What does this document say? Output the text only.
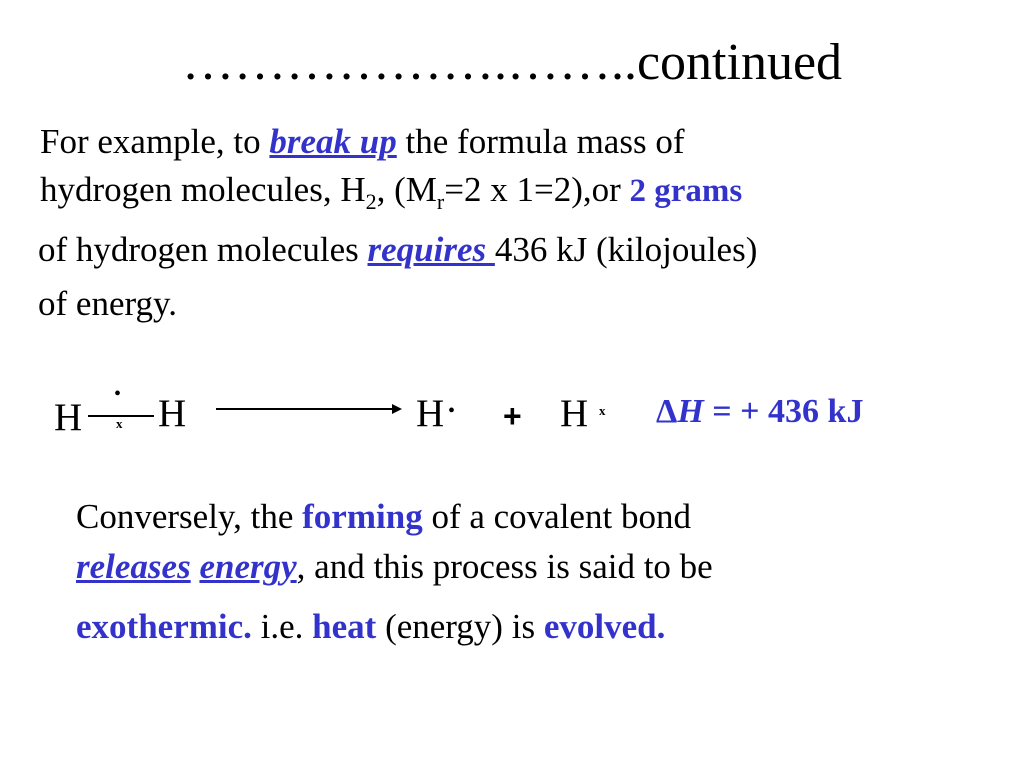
……………….……..continued
For example, to break up the formula mass of
hydrogen molecules, $H_2$, ($M_r=2$ x 1=2),or 2 grams
of hydrogen molecules requires 436 kJ (kilojoules)
of energy.
H
•
x H	H • + H x ΔH = + 436 kJ
Conversely, the forming of a covalent bond
releases energy, and this process is said to be
exothermic. i.e. heat (energy) is evolved.
